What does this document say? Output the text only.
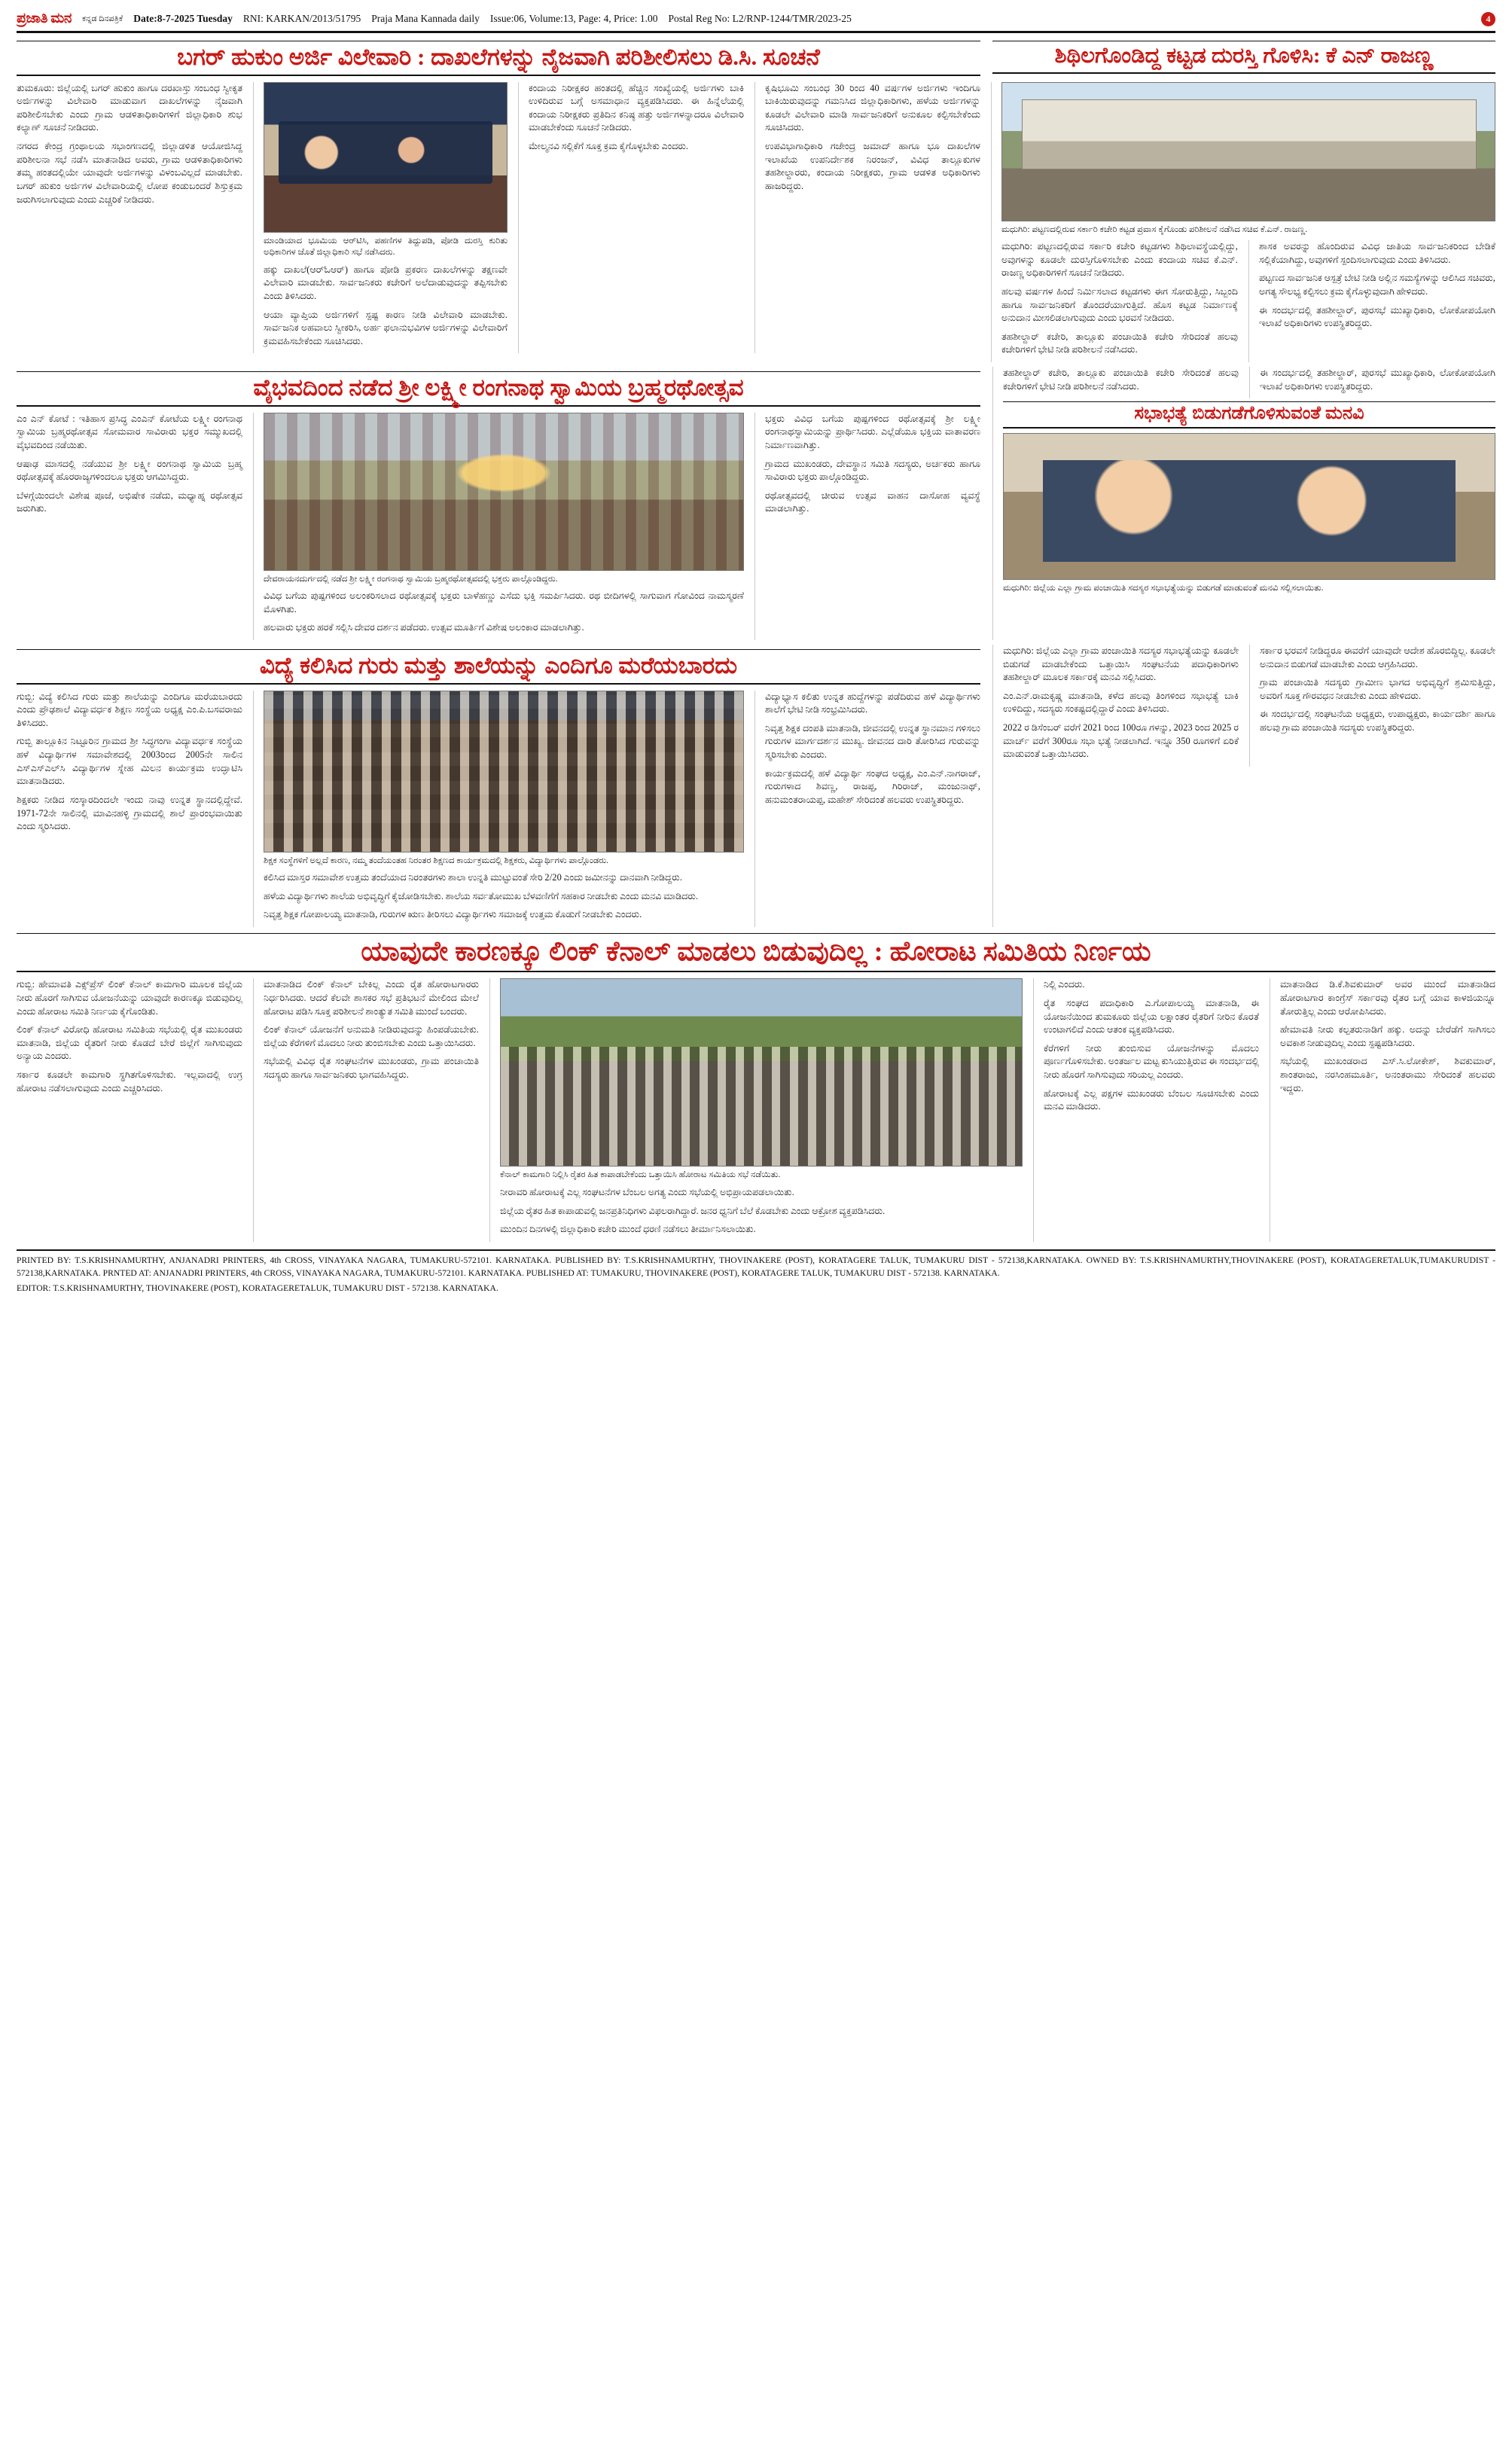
ಪ್ರಜಾತಿ ಮನ ಕನ್ನಡ ದಿನಪತ್ರಿಕೆ Date:8-7-2025 Tuesday RNI: KARKAN/2013/51795 Praja Mana Kannada daily Issue:06, Volume:13, Page: 4, Price: 1.00 Postal Reg No: L2/RNP-1244/TMR/2023-25	4
ಬಗರ್ ಹುಕುಂ ಅರ್ಜಿ ವಿಲೇವಾರಿ : ದಾಖಲೆಗಳನ್ನು ನೈಜವಾಗಿ ಪರಿಶೀಲಿಸಲು ಡಿ.ಸಿ. ಸೂಚನೆ	ಶಿಥಿಲಗೊಂಡಿದ್ದ ಕಟ್ಟಡ ದುರಸ್ತಿ ಗೊಳಿಸಿ: ಕೆ ಎನ್ ರಾಜಣ್ಣ

ತುಮಕೂರು: ಜಿಲ್ಲೆಯಲ್ಲಿ ಬಗರ್ ಹುಕುಂ ಹಾಗೂ ದರಖಾಸ್ತು ಸಂಬಂಧ ಸ್ವೀಕೃತ ಅರ್ಜಿಗಳನ್ನು ವಿಲೇವಾರಿ ಮಾಡುವಾಗ ದಾಖಲೆಗಳನ್ನು ನೈಜವಾಗಿ ಪರಿಶೀಲಿಸಬೇಕು ಎಂದು ಗ್ರಾಮ ಆಡಳಿತಾಧಿಕಾರಿಗಳಿಗೆ ಜಿಲ್ಲಾಧಿಕಾರಿ ಶುಭ ಕಲ್ಯಾಣ್ ಸೂಚನೆ ನೀಡಿದರು.

ನಗರದ ಕೇಂದ್ರ ಗ್ರಂಥಾಲಯ ಸಭಾಂಗಣದಲ್ಲಿ ಜಿಲ್ಲಾಡಳಿತ ಆಯೋಜಿಸಿದ್ದ ಪರಿಶೀಲನಾ ಸಭೆ ನಡೆಸಿ ಮಾತನಾಡಿದ ಅವರು, ಗ್ರಾಮ ಆಡಳಿತಾಧಿಕಾರಿಗಳು ತಮ್ಮ ಹಂತದಲ್ಲಿಯೇ ಯಾವುದೇ ಅರ್ಜಿಗಳನ್ನು ವಿಳಂಬವಿಲ್ಲದೆ ಮಾಡಬೇಕು. ಬಗರ್ ಹುಕುಂ ಅರ್ಜಿಗಳ ವಿಲೇವಾರಿಯಲ್ಲಿ ಲೋಪ ಕಂಡುಬಂದರೆ ಶಿಸ್ತುಕ್ರಮ ಜರುಗಿಸಲಾಗುವುದು ಎಂದು ಎಚ್ಚರಿಕೆ ನೀಡಿದರು.

ಮಾಂಡಿಯಾದ ಭೂಮಿಯ ಆರ್‌ಟಿಸಿ, ಪಹಣಿಗಳ ತಿದ್ದುಪಡಿ, ಪೋಡಿ ದುರಸ್ತಿ ಕುರಿತು ಅಧಿಕಾರಿಗಳ ಜೊತೆ ಜಿಲ್ಲಾಧಿಕಾರಿ ಸಭೆ ನಡೆಸಿದರು.

ಹಕ್ಕು ದಾಖಲೆ(ಆರ್‌ಓಆರ್) ಹಾಗೂ ಪೋಡಿ ಪ್ರಕರಣ ದಾಖಲೆಗಳನ್ನು ತಕ್ಷಣವೇ ವಿಲೇವಾರಿ ಮಾಡಬೇಕು. ಸಾರ್ವಜನಿಕರು ಕಚೇರಿಗೆ ಅಲೆದಾಡುವುದನ್ನು ತಪ್ಪಿಸಬೇಕು ಎಂದು ತಿಳಿಸಿದರು.

ಆಯಾ ವ್ಯಾಪ್ತಿಯ ಅರ್ಜಿಗಳಿಗೆ ಸ್ಪಷ್ಟ ಕಾರಣ ನೀಡಿ ವಿಲೇವಾರಿ ಮಾಡಬೇಕು. ಸಾರ್ವಜನಿಕ ಅಹವಾಲು ಸ್ವೀಕರಿಸಿ, ಅರ್ಹ ಫಲಾನುಭವಿಗಳ ಅರ್ಜಿಗಳನ್ನು ವಿಲೇವಾರಿಗೆ ಕ್ರಮವಹಿಸಬೇಕೆಂದು ಸೂಚಿಸಿದರು.

ಕಂದಾಯ ನಿರೀಕ್ಷಕರ ಹಂತದಲ್ಲಿ ಹೆಚ್ಚಿನ ಸಂಖ್ಯೆಯಲ್ಲಿ ಅರ್ಜಿಗಳು ಬಾಕಿ ಉಳಿದಿರುವ ಬಗ್ಗೆ ಅಸಮಾಧಾನ ವ್ಯಕ್ತಪಡಿಸಿದರು. ಈ ಹಿನ್ನೆಲೆಯಲ್ಲಿ ಕಂದಾಯ ನಿರೀಕ್ಷಕರು ಪ್ರತಿದಿನ ಕನಿಷ್ಠ ಹತ್ತು ಅರ್ಜಿಗಳನ್ನಾದರೂ ವಿಲೇವಾರಿ ಮಾಡಬೇಕೆಂದು ಸೂಚನೆ ನೀಡಿದರು.

ಮೇಲ್ಮನವಿ ಸಲ್ಲಿಕೆಗೆ ಸೂಕ್ತ ಕ್ರಮ ಕೈಗೊಳ್ಳಬೇಕು ಎಂದರು.

ಕೃಷಿಭೂಮಿ ಸಂಬಂಧ 30 ರಿಂದ 40 ವರ್ಷಗಳ ಅರ್ಜಿಗಳು ಇಂದಿಗೂ ಬಾಕಿಯಿರುವುದನ್ನು ಗಮನಿಸಿದ ಜಿಲ್ಲಾಧಿಕಾರಿಗಳು, ಹಳೆಯ ಅರ್ಜಿಗಳನ್ನು ಕೂಡಲೇ ವಿಲೇವಾರಿ ಮಾಡಿ ಸಾರ್ವಜನಿಕರಿಗೆ ಅನುಕೂಲ ಕಲ್ಪಿಸಬೇಕೆಂದು ಸೂಚಿಸಿದರು.

ಉಪವಿಭಾಗಾಧಿಕಾರಿ ಗಜೇಂದ್ರ ಜಮಾದ್ ಹಾಗೂ ಭೂ ದಾಖಲೆಗಳ ಇಲಾಖೆಯ ಉಪನಿರ್ದೇಶಕ ನಿರಂಜನ್, ವಿವಿಧ ತಾಲ್ಲೂಕುಗಳ ತಹಶೀಲ್ದಾರರು, ಕಂದಾಯ ನಿರೀಕ್ಷಕರು, ಗ್ರಾಮ ಆಡಳಿತ ಅಧಿಕಾರಿಗಳು ಹಾಜರಿದ್ದರು.

ಮಧುಗಿರಿ: ಪಟ್ಟಣದಲ್ಲಿರುವ ಸರ್ಕಾರಿ ಕಚೇರಿ ಕಟ್ಟಡ ಪ್ರವಾಸ ಕೈಗೊಂಡು ಪರಿಶೀಲನೆ ನಡೆಸಿದ ಸಚಿವ ಕೆ.ಎನ್. ರಾಜಣ್ಣ.

ಮಧುಗಿರಿ: ಪಟ್ಟಣದಲ್ಲಿರುವ ಸರ್ಕಾರಿ ಕಚೇರಿ ಕಟ್ಟಡಗಳು ಶಿಥಿಲಾವಸ್ಥೆಯಲ್ಲಿದ್ದು, ಅವುಗಳನ್ನು ಕೂಡಲೇ ದುರಸ್ತಿಗೊಳಿಸಬೇಕು ಎಂದು ಕಂದಾಯ ಸಚಿವ ಕೆ.ಎನ್. ರಾಜಣ್ಣ ಅಧಿಕಾರಿಗಳಿಗೆ ಸೂಚನೆ ನೀಡಿದರು.

ಹಲವು ವರ್ಷಗಳ ಹಿಂದೆ ನಿರ್ಮಿಸಲಾದ ಕಟ್ಟಡಗಳು ಈಗ ಸೋರುತ್ತಿದ್ದು, ಸಿಬ್ಬಂದಿ ಹಾಗೂ ಸಾರ್ವಜನಿಕರಿಗೆ ತೊಂದರೆಯಾಗುತ್ತಿದೆ. ಹೊಸ ಕಟ್ಟಡ ನಿರ್ಮಾಣಕ್ಕೆ ಅನುದಾನ ಮೀಸಲಿಡಲಾಗುವುದು ಎಂದು ಭರವಸೆ ನೀಡಿದರು.

ತಹಶೀಲ್ದಾರ್ ಕಚೇರಿ, ತಾಲ್ಲೂಕು ಪಂಚಾಯಿತಿ ಕಚೇರಿ ಸೇರಿದಂತೆ ಹಲವು ಕಚೇರಿಗಳಿಗೆ ಭೇಟಿ ನೀಡಿ ಪರಿಶೀಲನೆ ನಡೆಸಿದರು.

ಶಾಸಕ ಅವರನ್ನು ಹೊಂದಿರುವ ವಿವಿಧ ಜಾತಿಯ ಸಾರ್ವಜನಿಕರಿಂದ ಬೇಡಿಕೆ ಸಲ್ಲಿಕೆಯಾಗಿದ್ದು, ಅವುಗಳಿಗೆ ಸ್ಪಂದಿಸಲಾಗುವುದು ಎಂದು ತಿಳಿಸಿದರು.

ಪಟ್ಟಣದ ಸಾರ್ವಜನಿಕ ಆಸ್ಪತ್ರೆ ಬೇಟಿ ನೀಡಿ ಅಲ್ಲಿನ ಸಮಸ್ಯೆಗಳನ್ನು ಆಲಿಸಿದ ಸಚಿವರು, ಅಗತ್ಯ ಸೌಲಭ್ಯ ಕಲ್ಪಿಸಲು ಕ್ರಮ ಕೈಗೊಳ್ಳುವುದಾಗಿ ಹೇಳಿದರು.

ಈ ಸಂದರ್ಭದಲ್ಲಿ ತಹಶೀಲ್ದಾರ್, ಪುರಸಭೆ ಮುಖ್ಯಾಧಿಕಾರಿ, ಲೋಕೋಪಯೋಗಿ ಇಲಾಖೆ ಅಧಿಕಾರಿಗಳು ಉಪಸ್ಥಿತರಿದ್ದರು.

ವೈಭವದಿಂದ ನಡೆದ ಶ್ರೀ ಲಕ್ಷ್ಮೀ ರಂಗನಾಥ ಸ್ವಾಮಿಯ ಬ್ರಹ್ಮರಥೋತ್ಸವ

ಎಂ ಎನ್ ಕೋಟೆ : ಇತಿಹಾಸ ಪ್ರಸಿದ್ಧ ಎಂಎನ್ ಕೋಟೆಯ ಲಕ್ಷ್ಮೀ ರಂಗನಾಥ ಸ್ವಾಮಿಯ ಬ್ರಹ್ಮರಥೋತ್ಸವ ಸೋಮವಾರ ಸಾವಿರಾರು ಭಕ್ತರ ಸಮ್ಮುಖದಲ್ಲಿ ವೈಭವದಿಂದ ನಡೆಯಿತು.

ಆಷಾಢ ಮಾಸದಲ್ಲಿ ನಡೆಯುವ ಶ್ರೀ ಲಕ್ಷ್ಮೀ ರಂಗನಾಥ ಸ್ವಾಮಿಯ ಬ್ರಹ್ಮ ರಥೋತ್ಸವಕ್ಕೆ ಹೊರರಾಜ್ಯಗಳಿಂದಲೂ ಭಕ್ತರು ಆಗಮಿಸಿದ್ದರು.

ಬೆಳಗ್ಗೆಯಿಂದಲೇ ವಿಶೇಷ ಪೂಜೆ, ಅಭಿಷೇಕ ನಡೆದು, ಮಧ್ಯಾಹ್ನ ರಥೋತ್ಸವ ಜರುಗಿತು.

ದೇವರಾಯನದುರ್ಗದಲ್ಲಿ ನಡೆದ ಶ್ರೀ ಲಕ್ಷ್ಮೀ ರಂಗನಾಥ ಸ್ವಾಮಿಯ ಬ್ರಹ್ಮರಥೋತ್ಸವದಲ್ಲಿ ಭಕ್ತರು ಪಾಲ್ಗೊಂಡಿದ್ದರು.

ವಿವಿಧ ಬಗೆಯ ಪುಷ್ಪಗಳಿಂದ ಅಲಂಕರಿಸಲಾದ ರಥೋತ್ಸವಕ್ಕೆ ಭಕ್ತರು ಬಾಳೆಹಣ್ಣು ಎಸೆದು ಭಕ್ತಿ ಸಮರ್ಪಿಸಿದರು. ರಥ ಬೀದಿಗಳಲ್ಲಿ ಸಾಗುವಾಗ ಗೋವಿಂದ ನಾಮಸ್ಮರಣೆ ಮೊಳಗಿತು.

ಹಲವಾರು ಭಕ್ತರು ಹರಕೆ ಸಲ್ಲಿಸಿ ದೇವರ ದರ್ಶನ ಪಡೆದರು. ಉತ್ಸವ ಮೂರ್ತಿಗೆ ವಿಶೇಷ ಅಲಂಕಾರ ಮಾಡಲಾಗಿತ್ತು.

ಭಕ್ತರು ವಿವಿಧ ಬಗೆಯ ಪುಷ್ಪಗಳಿಂದ ರಥೋತ್ಸವಕ್ಕೆ ಶ್ರೀ ಲಕ್ಷ್ಮೀ ರಂಗನಾಥಸ್ವಾಮಿಯನ್ನು ಪ್ರಾರ್ಥಿಸಿದರು. ಎಲ್ಲೆಡೆಯೂ ಭಕ್ತಿಯ ವಾತಾವರಣ ನಿರ್ಮಾಣವಾಗಿತ್ತು.

ಗ್ರಾಮದ ಮುಖಂಡರು, ದೇವಸ್ಥಾನ ಸಮಿತಿ ಸದಸ್ಯರು, ಅರ್ಚಕರು ಹಾಗೂ ಸಾವಿರಾರು ಭಕ್ತರು ಪಾಲ್ಗೊಂಡಿದ್ದರು.

ರಥೋತ್ಸವದಲ್ಲಿ ಚೀರುವ ಉತ್ಸವ ವಾಹನ ದಾಸೋಹ ವ್ಯವಸ್ಥೆ ಮಾಡಲಾಗಿತ್ತು.

ತಹಶೀಲ್ದಾರ್ ಕಚೇರಿ, ತಾಲ್ಲೂಕು ಪಂಚಾಯಿತಿ ಕಚೇರಿ ಸೇರಿದಂತೆ ಹಲವು ಕಚೇರಿಗಳಿಗೆ ಭೇಟಿ ನೀಡಿ ಪರಿಶೀಲನೆ ನಡೆಸಿದರು.

ಈ ಸಂದರ್ಭದಲ್ಲಿ ತಹಶೀಲ್ದಾರ್, ಪುರಸಭೆ ಮುಖ್ಯಾಧಿಕಾರಿ, ಲೋಕೋಪಯೋಗಿ ಇಲಾಖೆ ಅಧಿಕಾರಿಗಳು ಉಪಸ್ಥಿತರಿದ್ದರು.

ಸಭಾಭತ್ಯೆ ಬಿಡುಗಡೆಗೊಳಿಸುವಂತೆ ಮನವಿ
ಮಧುಗಿರಿ: ಜಿಲ್ಲೆಯ ಎಲ್ಲಾ ಗ್ರಾಮ ಪಂಚಾಯಿತಿ ಸದಸ್ಯರ ಸಭಾಭತ್ಯೆಯನ್ನು ಬಿಡುಗಡೆ ಮಾಡುವಂತೆ ಮನವಿ ಸಲ್ಲಿಸಲಾಯಿತು.
ವಿದ್ಯೆ ಕಲಿಸಿದ ಗುರು ಮತ್ತು ಶಾಲೆಯನ್ನು ಎಂದಿಗೂ ಮರೆಯಬಾರದು

ಗುಬ್ಬಿ: ವಿದ್ಯೆ ಕಲಿಸಿದ ಗುರು ಮತ್ತು ಶಾಲೆಯನ್ನು ಎಂದಿಗೂ ಮರೆಯಬಾರದು ಎಂದು ಪ್ರೌಢಶಾಲೆ ವಿದ್ಯಾವರ್ಧಕ ಶಿಕ್ಷಣ ಸಂಸ್ಥೆಯ ಅಧ್ಯಕ್ಷ ಎಂ.ಪಿ.ಬಸವರಾಜು ತಿಳಿಸಿದರು.

ಗುಬ್ಬಿ ತಾಲ್ಲೂಕಿನ ನಿಟ್ಟೂರಿನ ಗ್ರಾಮದ ಶ್ರೀ ಸಿದ್ಧಗಂಗಾ ವಿದ್ಯಾವರ್ಧಕ ಸಂಸ್ಥೆಯ ಹಳೆ ವಿದ್ಯಾರ್ಥಿಗಳ ಸಮಾವೇಶದಲ್ಲಿ 2003ರಿಂದ 2005ನೇ ಸಾಲಿನ ಎಸ್‌ಎಸ್‌ಎಲ್‌ಸಿ ವಿದ್ಯಾರ್ಥಿಗಳ ಸ್ನೇಹ ಮಿಲನ ಕಾರ್ಯಕ್ರಮ ಉದ್ಘಾಟಿಸಿ ಮಾತನಾಡಿದರು.

ಶಿಕ್ಷಕರು ನೀಡಿದ ಸಂಸ್ಕಾರದಿಂದಲೇ ಇಂದು ನಾವು ಉನ್ನತ ಸ್ಥಾನದಲ್ಲಿದ್ದೇವೆ. 1971-72ನೇ ಸಾಲಿನಲ್ಲಿ ಮಾವಿನಹಳ್ಳಿ ಗ್ರಾಮದಲ್ಲಿ ಶಾಲೆ ಪ್ರಾರಂಭವಾಯಿತು ಎಂದು ಸ್ಮರಿಸಿದರು.

ಶಿಕ್ಷಕ ಸಂಸ್ಥೆಗಳಿಗೆ ಅಲ್ಲದೆ ಕಾರಣ, ನಮ್ಮ ತಂದೆಯಂತಹ ನಿರಂತರ ಶಿಕ್ಷಣದ ಕಾರ್ಯಕ್ರಮದಲ್ಲಿ ಶಿಕ್ಷಕರು, ವಿದ್ಯಾರ್ಥಿಗಳು ಪಾಲ್ಗೊಂಡರು.

ಕಲಿಸಿದ ಮಾಸ್ತರ ಸಮಾವೇಶ ಉತ್ತಮ ತಂದೆಯಾದ ನಿರಂತರಗಳು ಶಾಲಾ ಉನ್ನತಿ ಮುಟ್ಟುವಂತೆ ಸೇರಿ 2/20 ಎಂದು ಜಮೀನನ್ನು ದಾನವಾಗಿ ನೀಡಿದ್ದರು.

ಹಳೆಯ ವಿದ್ಯಾರ್ಥಿಗಳು ಶಾಲೆಯ ಅಭಿವೃದ್ಧಿಗೆ ಕೈಜೋಡಿಸಬೇಕು. ಶಾಲೆಯ ಸರ್ವತೋಮುಖ ಬೆಳವಣಿಗೆಗೆ ಸಹಕಾರ ನೀಡಬೇಕು ಎಂದು ಮನವಿ ಮಾಡಿದರು.

ನಿವೃತ್ತ ಶಿಕ್ಷಕ ಗೋಪಾಲಯ್ಯ ಮಾತನಾಡಿ, ಗುರುಗಳ ಋಣ ತೀರಿಸಲು ವಿದ್ಯಾರ್ಥಿಗಳು ಸಮಾಜಕ್ಕೆ ಉತ್ತಮ ಕೊಡುಗೆ ನೀಡಬೇಕು ಎಂದರು.

ವಿದ್ಯಾಭ್ಯಾಸ ಕಲಿತು ಉನ್ನತ ಹುದ್ದೆಗಳನ್ನು ಪಡೆದಿರುವ ಹಳೆ ವಿದ್ಯಾರ್ಥಿಗಳು ಶಾಲೆಗೆ ಭೇಟಿ ನೀಡಿ ಸಂಭ್ರಮಿಸಿದರು.

ನಿವೃತ್ತ ಶಿಕ್ಷಕ ದಂಪತಿ ಮಾತನಾಡಿ, ಜೀವನದಲ್ಲಿ ಉನ್ನತ ಸ್ಥಾನಮಾನ ಗಳಿಸಲು ಗುರುಗಳ ಮಾರ್ಗದರ್ಶನ ಮುಖ್ಯ. ಜೀವನದ ದಾರಿ ತೋರಿಸಿದ ಗುರುವನ್ನು ಸ್ಮರಿಸಬೇಕು ಎಂದರು.

ಕಾರ್ಯಕ್ರಮದಲ್ಲಿ ಹಳೆ ವಿದ್ಯಾರ್ಥಿ ಸಂಘದ ಅಧ್ಯಕ್ಷ, ಎಂ.ಎನ್.ನಾಗರಾಜ್, ಗುರುಗಳಾದ ಶಿವಣ್ಣ, ರಾಜಪ್ಪ, ಗಿರಿರಾಜ್, ಮಂಜುನಾಥ್, ಹನುಮಂತರಾಯಪ್ಪ, ಮಹೇಶ್ ಸೇರಿದಂತೆ ಹಲವರು ಉಪಸ್ಥಿತರಿದ್ದರು.

ಮಧುಗಿರಿ: ಜಿಲ್ಲೆಯ ಎಲ್ಲಾ ಗ್ರಾಮ ಪಂಚಾಯಿತಿ ಸದಸ್ಯರ ಸಭಾಭತ್ಯೆಯನ್ನು ಕೂಡಲೇ ಬಿಡುಗಡೆ ಮಾಡಬೇಕೆಂದು ಒತ್ತಾಯಿಸಿ ಸಂಘಟನೆಯ ಪದಾಧಿಕಾರಿಗಳು ತಹಶೀಲ್ದಾರ್ ಮೂಲಕ ಸರ್ಕಾರಕ್ಕೆ ಮನವಿ ಸಲ್ಲಿಸಿದರು.

ಎಂ.ಎನ್.ರಾಮಕೃಷ್ಣ ಮಾತನಾಡಿ, ಕಳೆದ ಹಲವು ತಿಂಗಳಿಂದ ಸಭಾಭತ್ಯೆ ಬಾಕಿ ಉಳಿದಿದ್ದು, ಸದಸ್ಯರು ಸಂಕಷ್ಟದಲ್ಲಿದ್ದಾರೆ ಎಂದು ತಿಳಿಸಿದರು.

2022 ರ ಡಿಸೆಂಬರ್ ವರೆಗೆ 2021 ರಿಂದ 100ರೂ ಗಳನ್ನು, 2023 ರಿಂದ 2025 ರ ಮಾರ್ಚ್ ವರೆಗೆ 300ರೂ ಸಭಾ ಭತ್ಯೆ ನೀಡಲಾಗಿದೆ. ಇನ್ನೂ 350 ರೂಗಳಿಗೆ ಏರಿಕೆ ಮಾಡುವಂತೆ ಒತ್ತಾಯಿಸಿದರು.

ಸರ್ಕಾರ ಭರವಸೆ ನೀಡಿದ್ದರೂ ಈವರೆಗೆ ಯಾವುದೇ ಆದೇಶ ಹೊರಬಿದ್ದಿಲ್ಲ. ಕೂಡಲೇ ಅನುದಾನ ಬಿಡುಗಡೆ ಮಾಡಬೇಕು ಎಂದು ಆಗ್ರಹಿಸಿದರು.

ಗ್ರಾಮ ಪಂಚಾಯಿತಿ ಸದಸ್ಯರು ಗ್ರಾಮೀಣ ಭಾಗದ ಅಭಿವೃದ್ಧಿಗೆ ಶ್ರಮಿಸುತ್ತಿದ್ದು, ಅವರಿಗೆ ಸೂಕ್ತ ಗೌರವಧನ ನೀಡಬೇಕು ಎಂದು ಹೇಳಿದರು.

ಈ ಸಂದರ್ಭದಲ್ಲಿ ಸಂಘಟನೆಯ ಅಧ್ಯಕ್ಷರು, ಉಪಾಧ್ಯಕ್ಷರು, ಕಾರ್ಯದರ್ಶಿ ಹಾಗೂ ಹಲವು ಗ್ರಾಮ ಪಂಚಾಯಿತಿ ಸದಸ್ಯರು ಉಪಸ್ಥಿತರಿದ್ದರು.

ಯಾವುದೇ ಕಾರಣಕ್ಕೂ ಲಿಂಕ್ ಕೆನಾಲ್ ಮಾಡಲು ಬಿಡುವುದಿಲ್ಲ : ಹೋರಾಟ ಸಮಿತಿಯ ನಿರ್ಣಯ

ಗುಬ್ಬಿ: ಹೇಮಾವತಿ ಎಕ್ಸ್‌ಪ್ರೆಸ್ ಲಿಂಕ್ ಕೆನಾಲ್ ಕಾಮಗಾರಿ ಮೂಲಕ ಜಿಲ್ಲೆಯ ನೀರು ಹೊರಗೆ ಸಾಗಿಸುವ ಯೋಜನೆಯನ್ನು ಯಾವುದೇ ಕಾರಣಕ್ಕೂ ಬಿಡುವುದಿಲ್ಲ ಎಂದು ಹೋರಾಟ ಸಮಿತಿ ನಿರ್ಣಯ ಕೈಗೊಂಡಿತು.

ಲಿಂಕ್ ಕೆನಾಲ್ ವಿರೋಧಿ ಹೋರಾಟ ಸಮಿತಿಯ ಸಭೆಯಲ್ಲಿ ರೈತ ಮುಖಂಡರು ಮಾತನಾಡಿ, ಜಿಲ್ಲೆಯ ರೈತರಿಗೆ ನೀರು ಕೊಡದೆ ಬೇರೆ ಜಿಲ್ಲೆಗೆ ಸಾಗಿಸುವುದು ಅನ್ಯಾಯ ಎಂದರು.

ಸರ್ಕಾರ ಕೂಡಲೇ ಕಾಮಗಾರಿ ಸ್ಥಗಿತಗೊಳಿಸಬೇಕು. ಇಲ್ಲವಾದಲ್ಲಿ ಉಗ್ರ ಹೋರಾಟ ನಡೆಸಲಾಗುವುದು ಎಂದು ಎಚ್ಚರಿಸಿದರು.

ಮಾತನಾಡಿದ ಲಿಂಕ್ ಕೆನಾಲ್ ಬೇಕಿಲ್ಲ ಎಂದು ರೈತ ಹೋರಾಟಗಾರರು ನಿರ್ಧರಿಸಿದರು. ಆದರೆ ಕೆಲವೇ ಶಾಸಕರ ಸಭೆ ಪ್ರತಿಭಟನೆ ಮೇಲಿಂದ ಮೇಲೆ ಹೋರಾಟ ಪಡಿಸಿ ಸೂಕ್ತ ಪರಿಶೀಲನೆ ಶಾಂತ್ಯುತ ಸಮಿತಿ ಮುಂದೆ ಬಂದರು.

ಲಿಂಕ್ ಕೆನಾಲ್ ಯೋಜನೆಗೆ ಅನುಮತಿ ನೀಡಿರುವುದನ್ನು ಹಿಂಪಡೆಯಬೇಕು. ಜಿಲ್ಲೆಯ ಕೆರೆಗಳಿಗೆ ಮೊದಲು ನೀರು ತುಂಬಿಸಬೇಕು ಎಂದು ಒತ್ತಾಯಿಸಿದರು.

ಸಭೆಯಲ್ಲಿ ವಿವಿಧ ರೈತ ಸಂಘಟನೆಗಳ ಮುಖಂಡರು, ಗ್ರಾಮ ಪಂಚಾಯಿತಿ ಸದಸ್ಯರು ಹಾಗೂ ಸಾರ್ವಜನಿಕರು ಭಾಗವಹಿಸಿದ್ದರು.

ಕೆನಾಲ್ ಕಾಮಗಾರಿ ನಿಲ್ಲಿಸಿ ರೈತರ ಹಿತ ಕಾಪಾಡಬೇಕೆಂದು ಒತ್ತಾಯಿಸಿ ಹೋರಾಟ ಸಮಿತಿಯ ಸಭೆ ನಡೆಯಿತು.

ನೀರಾವರಿ ಹೋರಾಟಕ್ಕೆ ಎಲ್ಲ ಸಂಘಟನೆಗಳ ಬೆಂಬಲ ಅಗತ್ಯ ಎಂದು ಸಭೆಯಲ್ಲಿ ಅಭಿಪ್ರಾಯಪಡಲಾಯಿತು.

ಜಿಲ್ಲೆಯ ರೈತರ ಹಿತ ಕಾಪಾಡುವಲ್ಲಿ ಜನಪ್ರತಿನಿಧಿಗಳು ವಿಫಲರಾಗಿದ್ದಾರೆ. ಜನರ ಧ್ವನಿಗೆ ಬೆಲೆ ಕೊಡಬೇಕು ಎಂದು ಆಕ್ರೋಶ ವ್ಯಕ್ತಪಡಿಸಿದರು.

ಮುಂದಿನ ದಿನಗಳಲ್ಲಿ ಜಿಲ್ಲಾಧಿಕಾರಿ ಕಚೇರಿ ಮುಂದೆ ಧರಣಿ ನಡೆಸಲು ತೀರ್ಮಾನಿಸಲಾಯಿತು.

ನಿಲ್ಲಿ ಎಂದರು.

ರೈತ ಸಂಘದ ಪದಾಧಿಕಾರಿ ಎ.ಗೋಪಾಲಯ್ಯ ಮಾತನಾಡಿ, ಈ ಯೋಜನೆಯಿಂದ ತುಮಕೂರು ಜಿಲ್ಲೆಯ ಲಕ್ಷಾಂತರ ರೈತರಿಗೆ ನೀರಿನ ಕೊರತೆ ಉಂಟಾಗಲಿದೆ ಎಂದು ಆತಂಕ ವ್ಯಕ್ತಪಡಿಸಿದರು.

ಕೆರೆಗಳಿಗೆ ನೀರು ತುಂಬಿಸುವ ಯೋಜನೆಗಳನ್ನು ಮೊದಲು ಪೂರ್ಣಗೊಳಿಸಬೇಕು. ಅಂತರ್ಜಲ ಮಟ್ಟ ಕುಸಿಯುತ್ತಿರುವ ಈ ಸಂದರ್ಭದಲ್ಲಿ ನೀರು ಹೊರಗೆ ಸಾಗಿಸುವುದು ಸರಿಯಲ್ಲ ಎಂದರು.

ಹೋರಾಟಕ್ಕೆ ಎಲ್ಲ ಪಕ್ಷಗಳ ಮುಖಂಡರು ಬೆಂಬಲ ಸೂಚಿಸಬೇಕು ಎಂದು ಮನವಿ ಮಾಡಿದರು.

ಮಾತನಾಡಿದ ಡಿ.ಕೆ.ಶಿವಕುಮಾರ್ ಅವರ ಮುಂದೆ ಮಾತನಾಡಿದ ಹೋರಾಟಗಾರ ಕಾಂಗ್ರೆಸ್ ಸರ್ಕಾರವು ರೈತರ ಬಗ್ಗೆ ಯಾವ ಕಾಳಜಿಯನ್ನೂ ತೋರುತ್ತಿಲ್ಲ ಎಂದು ಆರೋಪಿಸಿದರು.

ಹೇಮಾವತಿ ನೀರು ಕಲ್ಪತರುನಾಡಿಗೆ ಹಕ್ಕು. ಅದನ್ನು ಬೇರೆಡೆಗೆ ಸಾಗಿಸಲು ಅವಕಾಶ ನೀಡುವುದಿಲ್ಲ ಎಂದು ಸ್ಪಷ್ಟಪಡಿಸಿದರು.

ಸಭೆಯಲ್ಲಿ ಮುಖಂಡರಾದ ಎಸ್.ಸಿ.ಲೋಕೇಶ್, ಶಿವಕುಮಾರ್, ಶಾಂತರಾಜು, ನರಸಿಂಹಮೂರ್ತಿ, ಅನಂತರಾಮು ಸೇರಿದಂತೆ ಹಲವರು ಇದ್ದರು.

PRINTED BY: T.S.KRISHNAMURTHY, ANJANADRI PRINTERS, 4th CROSS, VINAYAKA NAGARA, TUMAKURU-572101. KARNATAKA. PUBLISHED BY: T.S.KRISHNAMURTHY, THOVINAKERE (POST), KORATAGERE TALUK, TUMAKURU DIST - 572138,KARNATAKA. OWNED BY: T.S.KRISHNAMURTHY,THOVINAKERE (POST), KORATAGERETALUK,TUMAKURUDIST - 572138,KARNATAKA. PRNTED AT: ANJANADRI PRINTERS, 4th CROSS, VINAYAKA NAGARA, TUMAKURU-572101. KARNATAKA. PUBLISHED AT: TUMAKURU, THOVINAKERE (POST), KORATAGERE TALUK, TUMAKURU DIST - 572138. KARNATAKA.
EDITOR: T.S.KRISHNAMURTHY, THOVINAKERE (POST), KORATAGERETALUK, TUMAKURU DIST - 572138. KARNATAKA.
